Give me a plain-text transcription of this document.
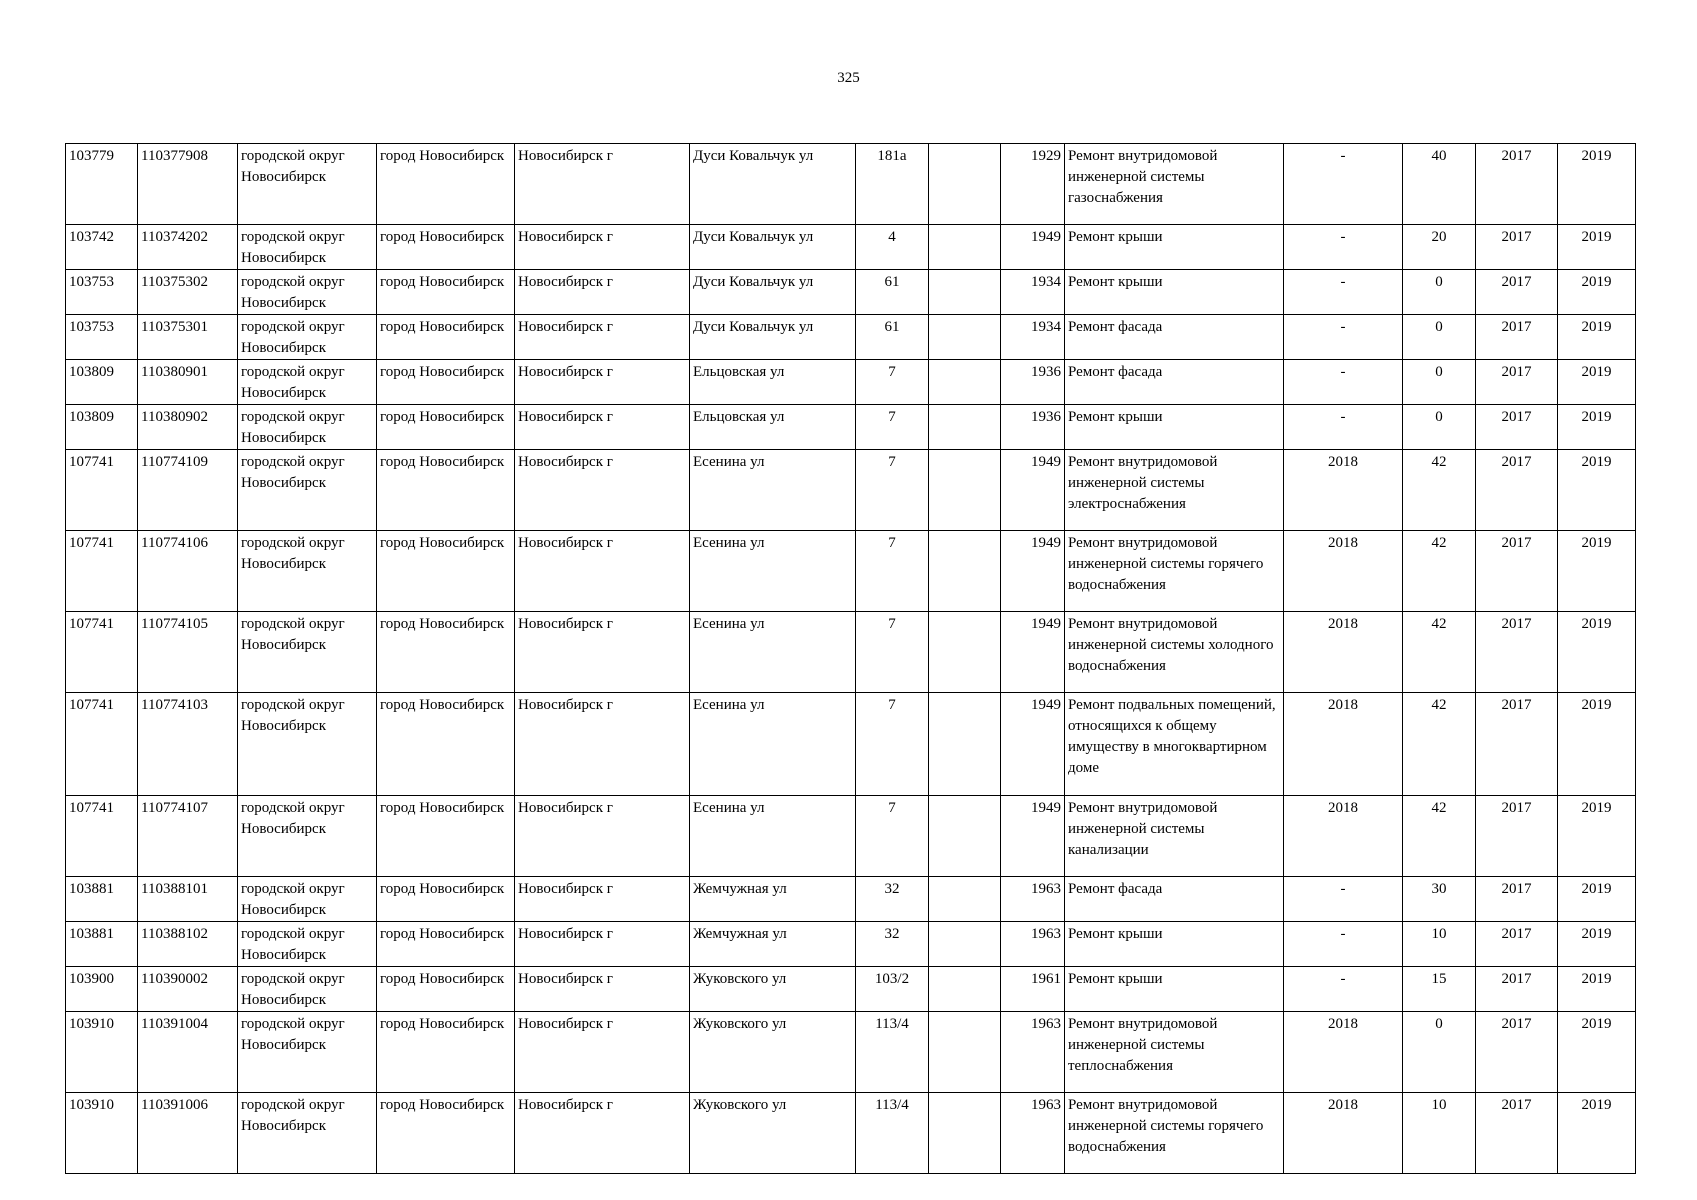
325
103779	110377908	городской округ Новосибирск	город Новосибирск	Новосибирск г	Дуси Ковальчук ул	181а		1929	Ремонт внутридомовой инженерной системы газоснабжения	-	40	2017	2019
103742	110374202	городской округ Новосибирск	город Новосибирск	Новосибирск г	Дуси Ковальчук ул	4		1949	Ремонт крыши	-	20	2017	2019
103753	110375302	городской округ Новосибирск	город Новосибирск	Новосибирск г	Дуси Ковальчук ул	61		1934	Ремонт крыши	-	0	2017	2019
103753	110375301	городской округ Новосибирск	город Новосибирск	Новосибирск г	Дуси Ковальчук ул	61		1934	Ремонт фасада	-	0	2017	2019
103809	110380901	городской округ Новосибирск	город Новосибирск	Новосибирск г	Ельцовская ул	7		1936	Ремонт фасада	-	0	2017	2019
103809	110380902	городской округ Новосибирск	город Новосибирск	Новосибирск г	Ельцовская ул	7		1936	Ремонт крыши	-	0	2017	2019
107741	110774109	городской округ Новосибирск	город Новосибирск	Новосибирск г	Есенина ул	7		1949	Ремонт внутридомовой инженерной системы электроснабжения	2018	42	2017	2019
107741	110774106	городской округ Новосибирск	город Новосибирск	Новосибирск г	Есенина ул	7		1949	Ремонт внутридомовой инженерной системы горячего водоснабжения	2018	42	2017	2019
107741	110774105	городской округ Новосибирск	город Новосибирск	Новосибирск г	Есенина ул	7		1949	Ремонт внутридомовой инженерной системы холодного водоснабжения	2018	42	2017	2019
107741	110774103	городской округ Новосибирск	город Новосибирск	Новосибирск г	Есенина ул	7		1949	Ремонт подвальных помещений, относящихся к общему имуществу в многоквартирном доме	2018	42	2017	2019
107741	110774107	городской округ Новосибирск	город Новосибирск	Новосибирск г	Есенина ул	7		1949	Ремонт внутридомовой инженерной системы канализации	2018	42	2017	2019
103881	110388101	городской округ Новосибирск	город Новосибирск	Новосибирск г	Жемчужная ул	32		1963	Ремонт фасада	-	30	2017	2019
103881	110388102	городской округ Новосибирск	город Новосибирск	Новосибирск г	Жемчужная ул	32		1963	Ремонт крыши	-	10	2017	2019
103900	110390002	городской округ Новосибирск	город Новосибирск	Новосибирск г	Жуковского ул	103/2		1961	Ремонт крыши	-	15	2017	2019
103910	110391004	городской округ Новосибирск	город Новосибирск	Новосибирск г	Жуковского ул	113/4		1963	Ремонт внутридомовой инженерной системы теплоснабжения	2018	0	2017	2019
103910	110391006	городской округ Новосибирск	город Новосибирск	Новосибирск г	Жуковского ул	113/4		1963	Ремонт внутридомовой инженерной системы горячего водоснабжения	2018	10	2017	2019
